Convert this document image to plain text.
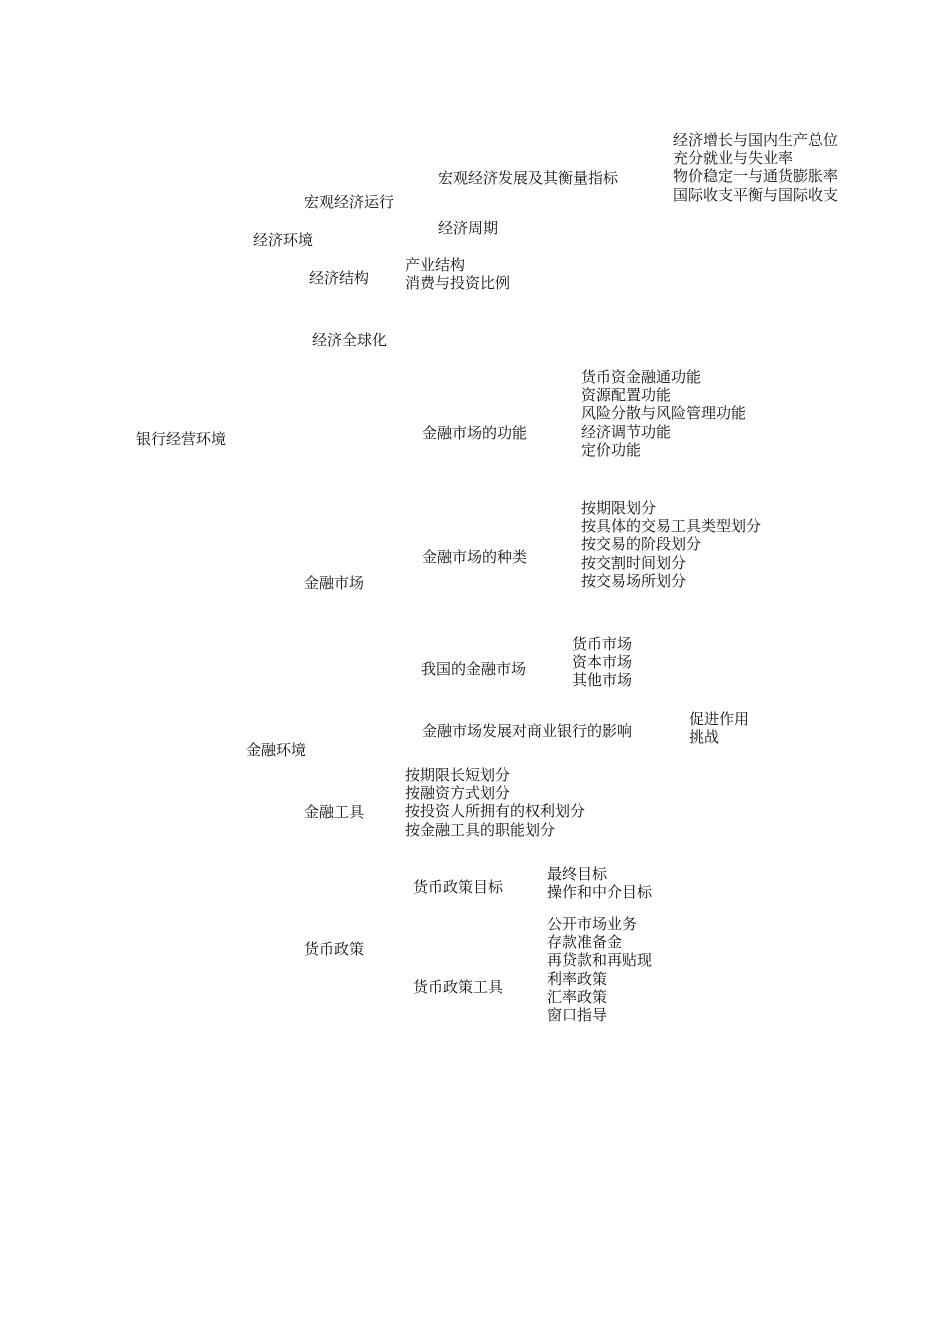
银行经营环境
经济环境
宏观经济运行
宏观经济发展及其衡量指标
经济增长与国内生产总位
充分就业与失业率
物价稳定一与通货膨胀率
国际收支平衡与国际收支
经济周期
经济结构
产业结构
消费与投资比例
经济全球化
金融环境
金融市场
金融市场的功能
货币资金融通功能
资源配置功能
风险分散与风险管理功能
经济调节功能
定价功能
金融市场的种类
按期限划分
按具体的交易工具类型划分
按交易的阶段划分
按交割时间划分
按交易场所划分
我国的金融市场
货币市场
资本市场
其他市场
金融市场发展对商业银行的影响
促进作用
挑战
金融工具
按期限长短划分
按融资方式划分
按投资人所拥有的权利划分
按金融工具的职能划分
货币政策
货币政策目标
最终目标
操作和中介目标
货币政策工具
公开市场业务
存款准备金
再贷款和再贴现
利率政策
汇率政策
窗口指导
